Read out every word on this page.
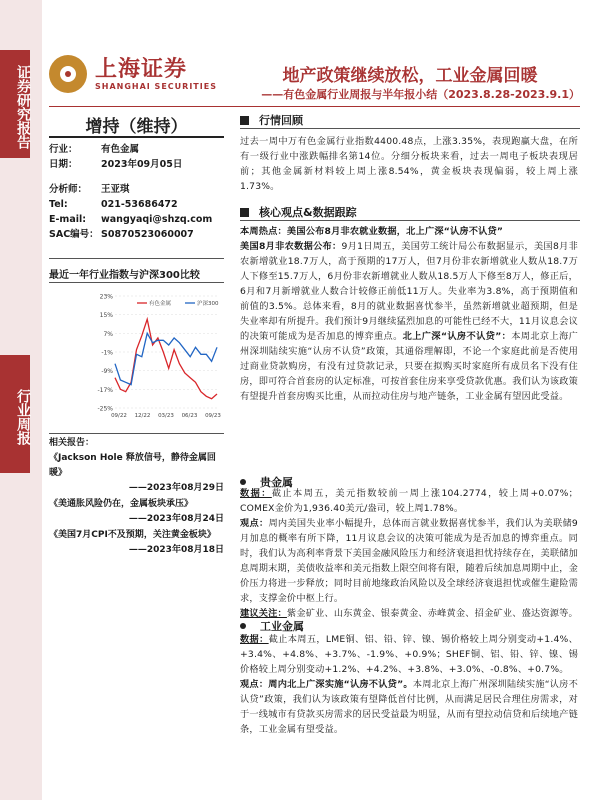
证券研究报告
行业周报
上海证券
SHANGHAI SECURITIES	地产政策继续放松，工业金属回暖
——有色金属行业周报与半年报小结（2023.8.28-2023.9.1）
增持（维持）
行业： 有色金属
日期： 2023年09月05日
分析师： 王亚琪
Tel:	021-53686472
E-mail: wangyaqi@shzq.com
SAC编号： S0870523060007
最近一年行业指数与沪深300比较
23%
15%
7%
-1%
-9%
-17%
-25%
09/22 12/22 03/23 06/23 09/23
有色金属	沪深300
相关报告：
《Jackson Hole 释放信号，静待金属回暖》
——2023年08月29日
《美通胀风险仍在，金属板块承压》
——2023年08月24日
《美国7月CPI不及预期，关注黄金板块》
——2023年08月18日
行情回顾
过去一周中万有色金属行业指数4400.48点，上涨3.35%，表现跑赢大盘，在所有一级行业中涨跌幅排名第14位。分细分板块来看，过去一周电子板块表现居前；其他金属新材料较上周上涨8.54%，黄金板块表现偏弱，较上周上涨1.73%。
核心观点&数据跟踪
本周热点：美国公布8月非农就业数据，北上广深“认房不认贷”
美国8月非农数据公布：9月1日周五，美国劳工统计局公布数据显示，美国8月非农新增就业18.7万人，高于预期的17万人，但7月份非农新增就业人数从18.7万人下修至15.7万人，6月份非农新增就业人数从18.5万人下修至8万人，修正后，6月和7月新增就业人数合计较修正前低11万人。失业率为3.8%，高于预期值和前值的3.5%。总体来看，8月的就业数据喜忧参半，虽然新增就业超预期，但是失业率却有所提升。我们预计9月继续猛烈加息的可能性已经不大，11月议息会议的决策可能成为是否加息的博弈重点。北上广深“认房不认贷”：本周北京上海广州深圳陆续实施“认房不认贷”政策，其通俗理解即，不论一个家庭此前是否使用过商业贷款购房，有没有过贷款记录，只要在拟购买时家庭所有成员名下没有住房，即可符合首套房的认定标准，可按首套住房来享受贷款优惠。我们认为该政策有望提升首套房购买比重，从而拉动住房与地产链条，工业金属有望因此受益。
贵金属
数据：截止本周五，美元指数较前一周上涨104.2774，较上周+0.07%；COMEX金价为1,936.40美元/盎司，较上周1.78%。
观点：周内美国失业率小幅提升，总体而言就业数据喜忧参半，我们认为美联储9月加息的概率有所下降，11月议息会议的决策可能成为是否加息的博弈重点。同时，我们认为高利率背景下美国金融风险压力和经济衰退担忧持续存在，美联储加息周期末期，美债收益率和美元指数上限空间将有限，随着后续加息周期中止，金价压力将进一步释放；同时目前地缘政治风险以及全球经济衰退担忧或催生避险需求，支撑金价中枢上行。
建议关注：紫金矿业、山东黄金、银泰黄金、赤峰黄金、招金矿业、盛达资源等。
工业金属
数据：截止本周五，LME铜、铝、铅、锌、镍、锡价格较上周分别变动+1.4%、+3.4%、+4.8%、+3.7%、-1.9%、+0.9%；SHEF铜、铝、铅、锌、镍、锡价格较上周分别变动+1.2%、+4.2%、+3.8%、+3.0%、-0.8%、+0.7%。
观点：周内北上广深实施“认房不认贷”。本周北京上海广州深圳陆续实施“认房不认贷”政策，我们认为该政策有望降低首付比例，从而满足居民合理住房需求，对于一线城市有贷款买房需求的居民受益最为明显，从而有望拉动信贷和后续地产链条，工业金属有望受益。
